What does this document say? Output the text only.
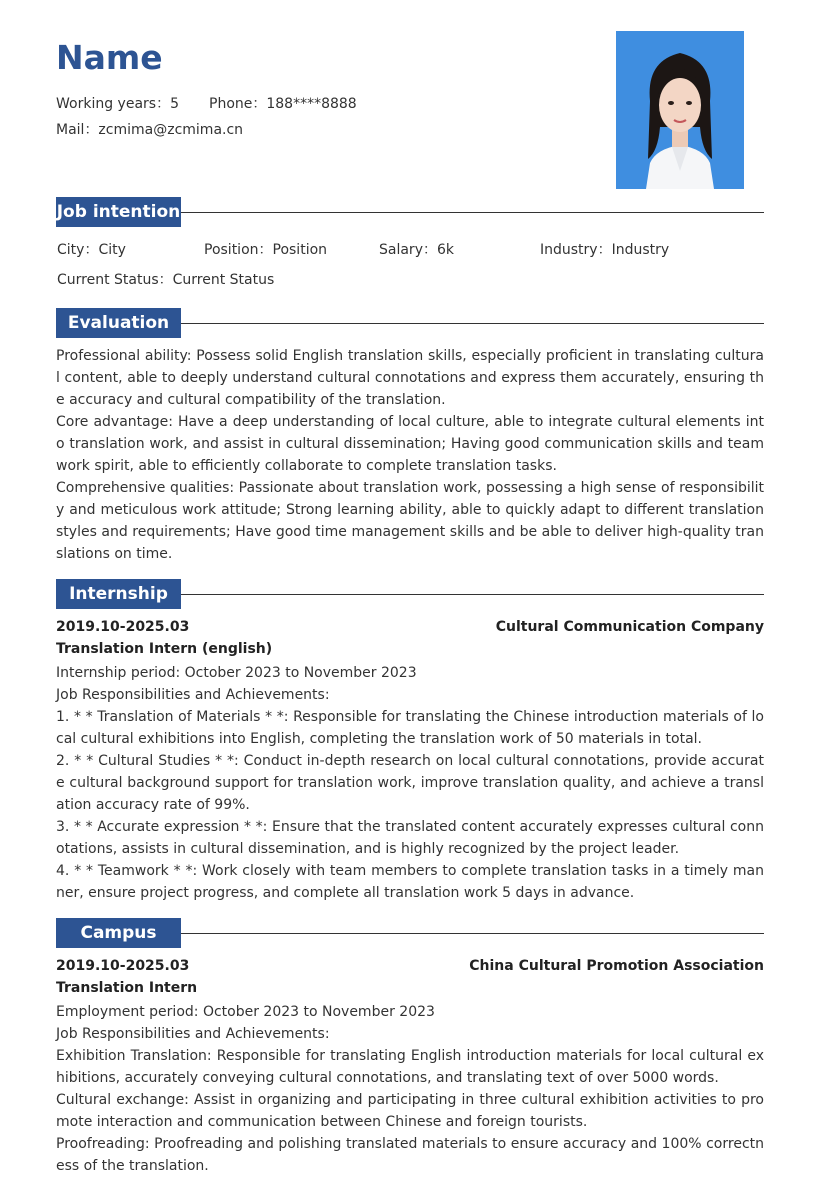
Name
Working years：5 Phone：188****8888
Mail：zcmima@zcmima.cn
Job intention
City：City	Position：Position	Salary：6k	Industry：Industry
Current Status：Current Status
Evaluation
Professional ability: Possess solid English translation skills, especially proficient in translating cultural content, able to deeply understand cultural connotations and express them accurately, ensuring the accuracy and cultural compatibility of the translation.
Core advantage: Have a deep understanding of local culture, able to integrate cultural elements into translation work, and assist in cultural dissemination; Having good communication skills and teamwork spirit, able to efficiently collaborate to complete translation tasks.
Comprehensive qualities: Passionate about translation work, possessing a high sense of responsibility and meticulous work attitude; Strong learning ability, able to quickly adapt to different translation styles and requirements; Have good time management skills and be able to deliver high-quality translations on time.
Internship
2019.10-2025.03	Cultural Communication Company
Translation Intern (english)
Internship period: October 2023 to November 2023
Job Responsibilities and Achievements:
1. * * Translation of Materials * *: Responsible for translating the Chinese introduction materials of local cultural exhibitions into English, completing the translation work of 50 materials in total.
2. * * Cultural Studies * *: Conduct in-depth research on local cultural connotations, provide accurate cultural background support for translation work, improve translation quality, and achieve a translation accuracy rate of 99%.
3. * * Accurate expression * *: Ensure that the translated content accurately expresses cultural connotations, assists in cultural dissemination, and is highly recognized by the project leader.
4. * * Teamwork * *: Work closely with team members to complete translation tasks in a timely manner, ensure project progress, and complete all translation work 5 days in advance.
Campus
2019.10-2025.03	China Cultural Promotion Association
Translation Intern
Employment period: October 2023 to November 2023
Job Responsibilities and Achievements:
Exhibition Translation: Responsible for translating English introduction materials for local cultural exhibitions, accurately conveying cultural connotations, and translating text of over 5000 words.
Cultural exchange: Assist in organizing and participating in three cultural exhibition activities to promote interaction and communication between Chinese and foreign tourists.
Proofreading: Proofreading and polishing translated materials to ensure accuracy and 100% correctness of the translation.
